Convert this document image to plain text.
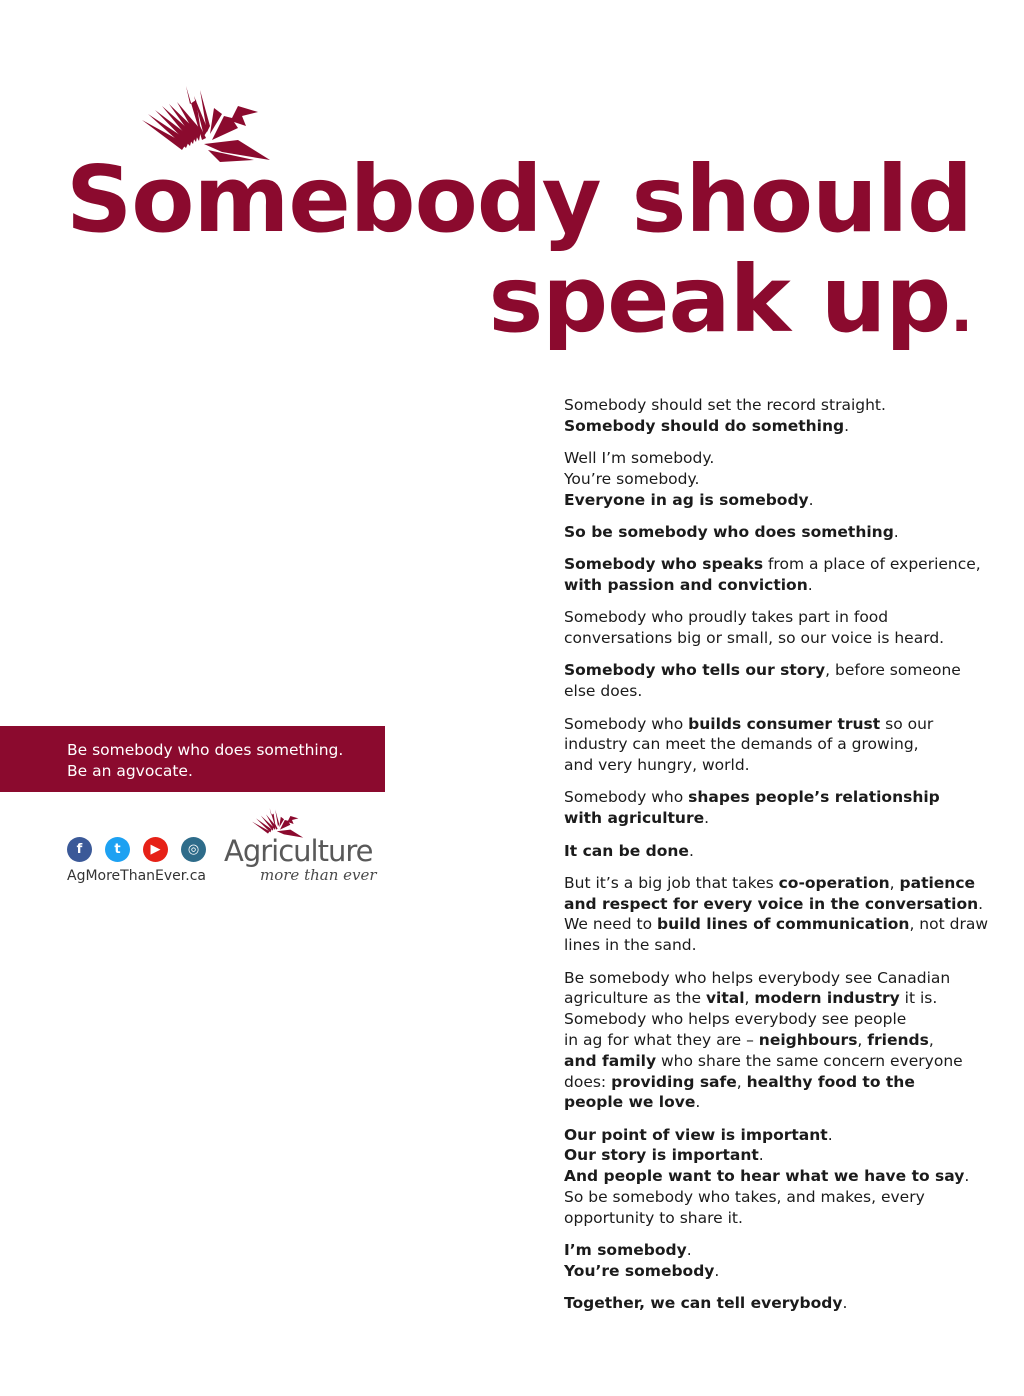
Somebody should
speak up.

Somebody should set the record straight.
Somebody should do something.

Well I’m somebody.
You’re somebody.
Everyone in ag is somebody.

So be somebody who does something.

Somebody who speaks from a place of experience,
with passion and conviction.

Somebody who proudly takes part in food
conversations big or small, so our voice is heard.

Somebody who tells our story, before someone
else does.

Somebody who builds consumer trust so our
industry can meet the demands of a growing,
and very hungry, world.

Somebody who shapes people’s relationship
with agriculture.

It can be done.

But it’s a big job that takes co-operation, patience
and respect for every voice in the conversation.
We need to build lines of communication, not draw
lines in the sand.

Be somebody who helps everybody see Canadian
agriculture as the vital, modern industry it is.
Somebody who helps everybody see people
in ag for what they are – neighbours, friends,
and family who share the same concern everyone
does: providing safe, healthy food to the
people we love.

Our point of view is important.
Our story is important.
And people want to hear what we have to say.
So be somebody who takes, and makes, every
opportunity to share it.

I’m somebody.
You’re somebody.

Together, we can tell everybody.

Be somebody who does something.
Be an agvocate.
f	t	▶	◎
AgMoreThanEver.ca
Agriculture
more than ever
